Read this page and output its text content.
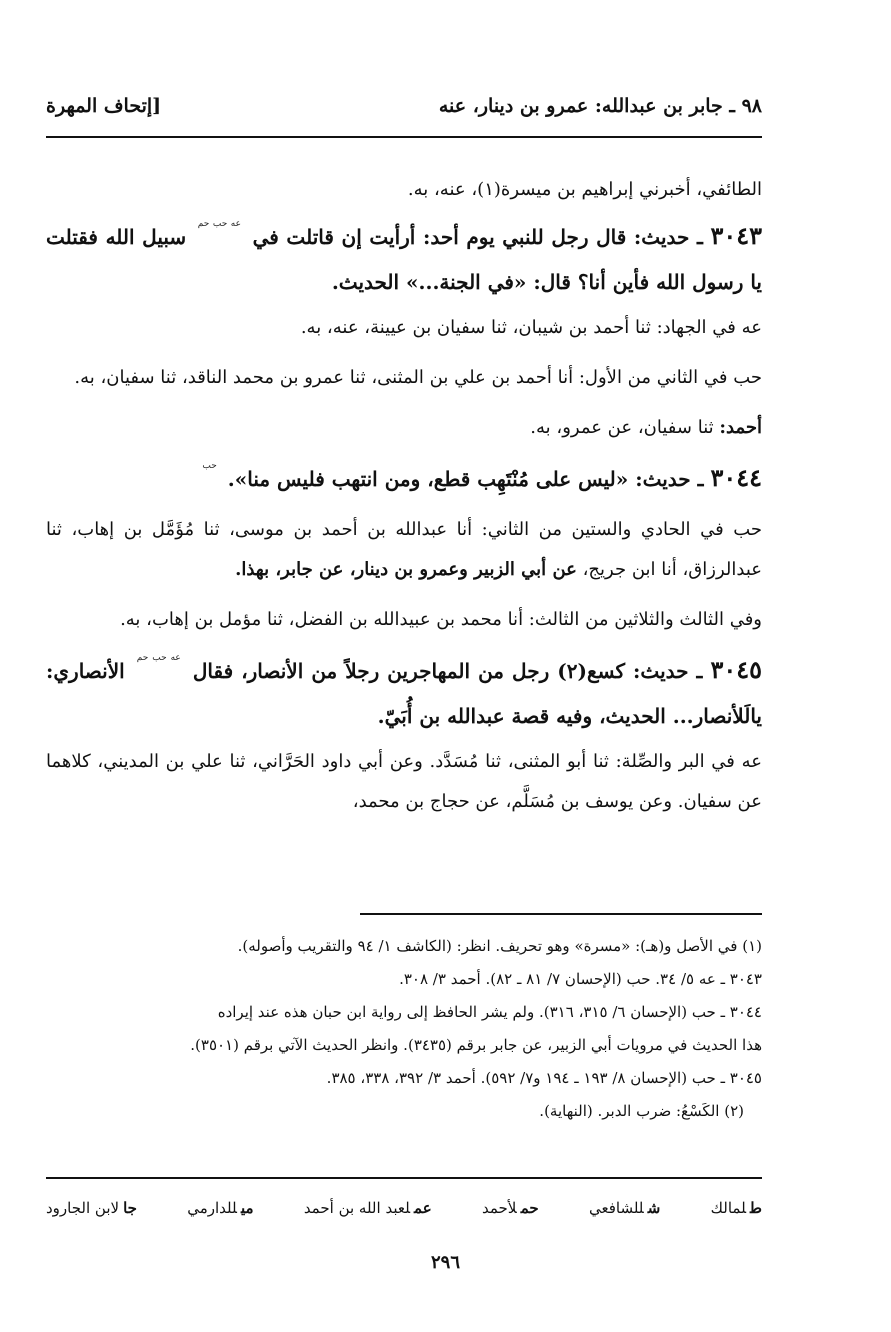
٩٨ ـ جابر بن عبدالله: عمرو بن دينار، عنه
[إتحاف المهرة

الطائفي، أخبرني إبراهيم بن ميسرة(١)، عنه، به.

٣٠٤٣ ـ حديث: قال رجل للنبي يوم أحد: أرأيت إن قاتلت في $^{عه حب حم}$ سبيل الله فقتلت يا رسول الله فأين أنا؟ قال: «في الجنة...» الحديث.

عه في الجهاد: ثنا أحمد بن شيبان، ثنا سفيان بن عيينة، عنه، به.

حب في الثاني من الأول: أنا أحمد بن علي بن المثنى، ثنا عمرو بن محمد الناقد، ثنا سفيان، به.

أحمد: ثنا سفيان، عن عمرو، به.

٣٠٤٤ ـ حديث: «ليس على مُنْتَهِب قطع، ومن انتهب فليس منا». $^{حب}$

حب في الحادي والستين من الثاني: أنا عبدالله بن أحمد بن موسى، ثنا مُؤَمَّل بن إهاب، ثنا عبدالرزاق، أنا ابن جريج، عن أبي الزبير وعمرو بن دينار، عن جابر، بهذا.

وفي الثالث والثلاثين من الثالث: أنا محمد بن عبيدالله بن الفضل، ثنا مؤمل بن إهاب، به.

٣٠٤٥ ـ حديث: كسع(٢) رجل من المهاجرين رجلاً من الأنصار، فقال $^{عه حب حم}$ الأنصاري: يالَلأنصار... الحديث، وفيه قصة عبدالله بن أُبَيّ.

عه في البر والصِّلة: ثنا أبو المثنى، ثنا مُسَدَّد. وعن أبي داود الحَرَّاني، ثنا علي بن المديني، كلاهما عن سفيان. وعن يوسف بن مُسَلَّم، عن حجاج بن محمد،

(١) في الأصل و(هـ): «مسرة» وهو تحريف. انظر: (الكاشف ١/ ٩٤ والتقريب وأصوله).

٣٠٤٣ ـ عه ٥/ ٣٤. حب (الإحسان ٧/ ٨١ ـ ٨٢). أحمد ٣/ ٣٠٨.

٣٠٤٤ ـ حب (الإحسان ٦/ ٣١٥، ٣١٦). ولم يشر الحافظ إلى رواية ابن حبان هذه عند إيراده

هذا الحديث في مرويات أبي الزبير، عن جابر برقم (٣٤٣٥). وانظر الحديث الآتي برقم (٣٥٠١).

٣٠٤٥ ـ حب (الإحسان ٨/ ١٩٣ ـ ١٩٤ و٧/ ٥٩٢). أحمد ٣/ ٣٩٢، ٣٣٨، ٣٨٥.

(٢) الكَسْعُ: ضرب الدبر. (النهاية).

طلمالك
شللشافعي
حملأحمد
عملعبد الله بن أحمد
ميللدارمي
جالابن الجارود
٢٩٦
